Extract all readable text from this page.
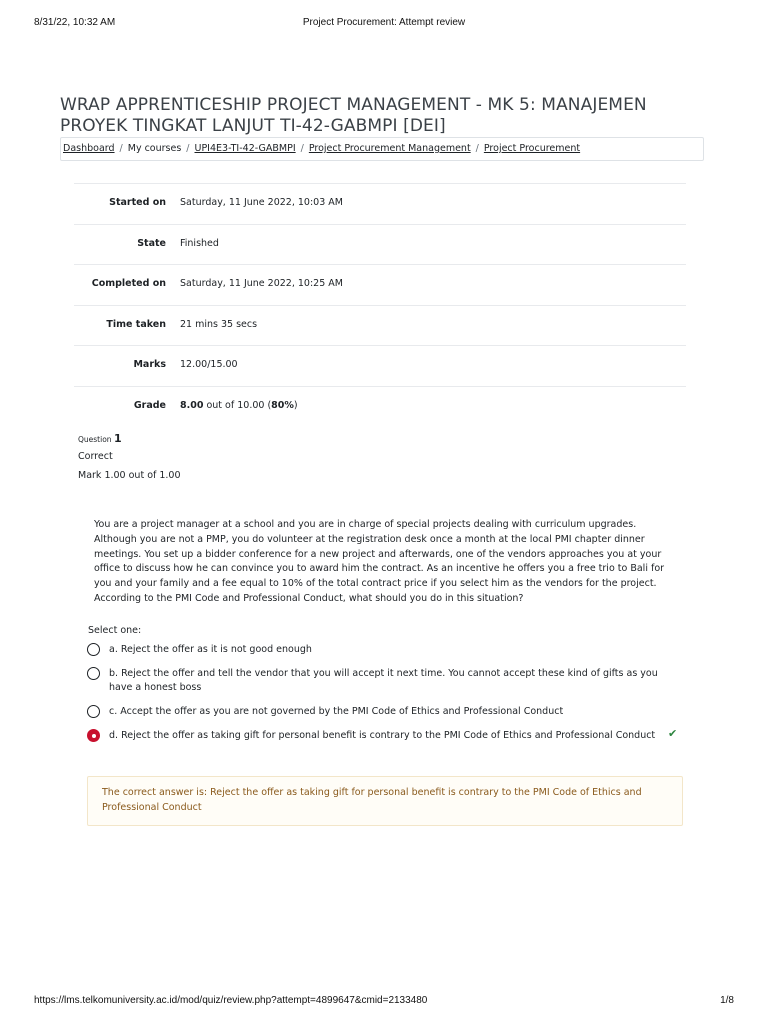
8/31/22, 10:32 AM	Project Procurement: Attempt review
WRAP APPRENTICESHIP PROJECT MANAGEMENT - MK 5: MANAJEMEN PROYEK TINGKAT LANJUT TI-42-GABMPI [DEI]
Dashboard / My courses / UPI4E3-TI-42-GABMPI / Project Procurement Management / Project Procurement
Started on Saturday, 11 June 2022, 10:03 AM
State Finished
Completed on Saturday, 11 June 2022, 10:25 AM
Time taken 21 mins 35 secs
Marks 12.00/15.00
Grade 8.00 out of 10.00 (80%)
Question 1
Correct
Mark 1.00 out of 1.00

You are a project manager at a school and you are in charge of special projects dealing with curriculum upgrades. Although you are not a PMP, you do volunteer at the registration desk once a month at the local PMI chapter dinner meetings. You set up a bidder conference for a new project and afterwards, one of the vendors approaches you at your office to discuss how he can convince you to award him the contract. As an incentive he offers you a free trio to Bali for you and your family and a fee equal to 10% of the total contract price if you select him as the vendors for the project. According to the PMI Code and Professional Conduct, what should you do in this situation?

Select one:
a. Reject the offer as it is not good enough
b. Reject the offer and tell the vendor that you will accept it next time. You cannot accept these kind of gifts as you have a honest boss
c. Accept the offer as you are not governed by the PMI Code of Ethics and Professional Conduct
d. Reject the offer as taking gift for personal benefit is contrary to the PMI Code of Ethics and Professional Conduct	✔
The correct answer is: Reject the offer as taking gift for personal benefit is contrary to the PMI Code of Ethics and Professional Conduct
https://lms.telkomuniversity.ac.id/mod/quiz/review.php?attempt=4899647&cmid=2133480	1/8
